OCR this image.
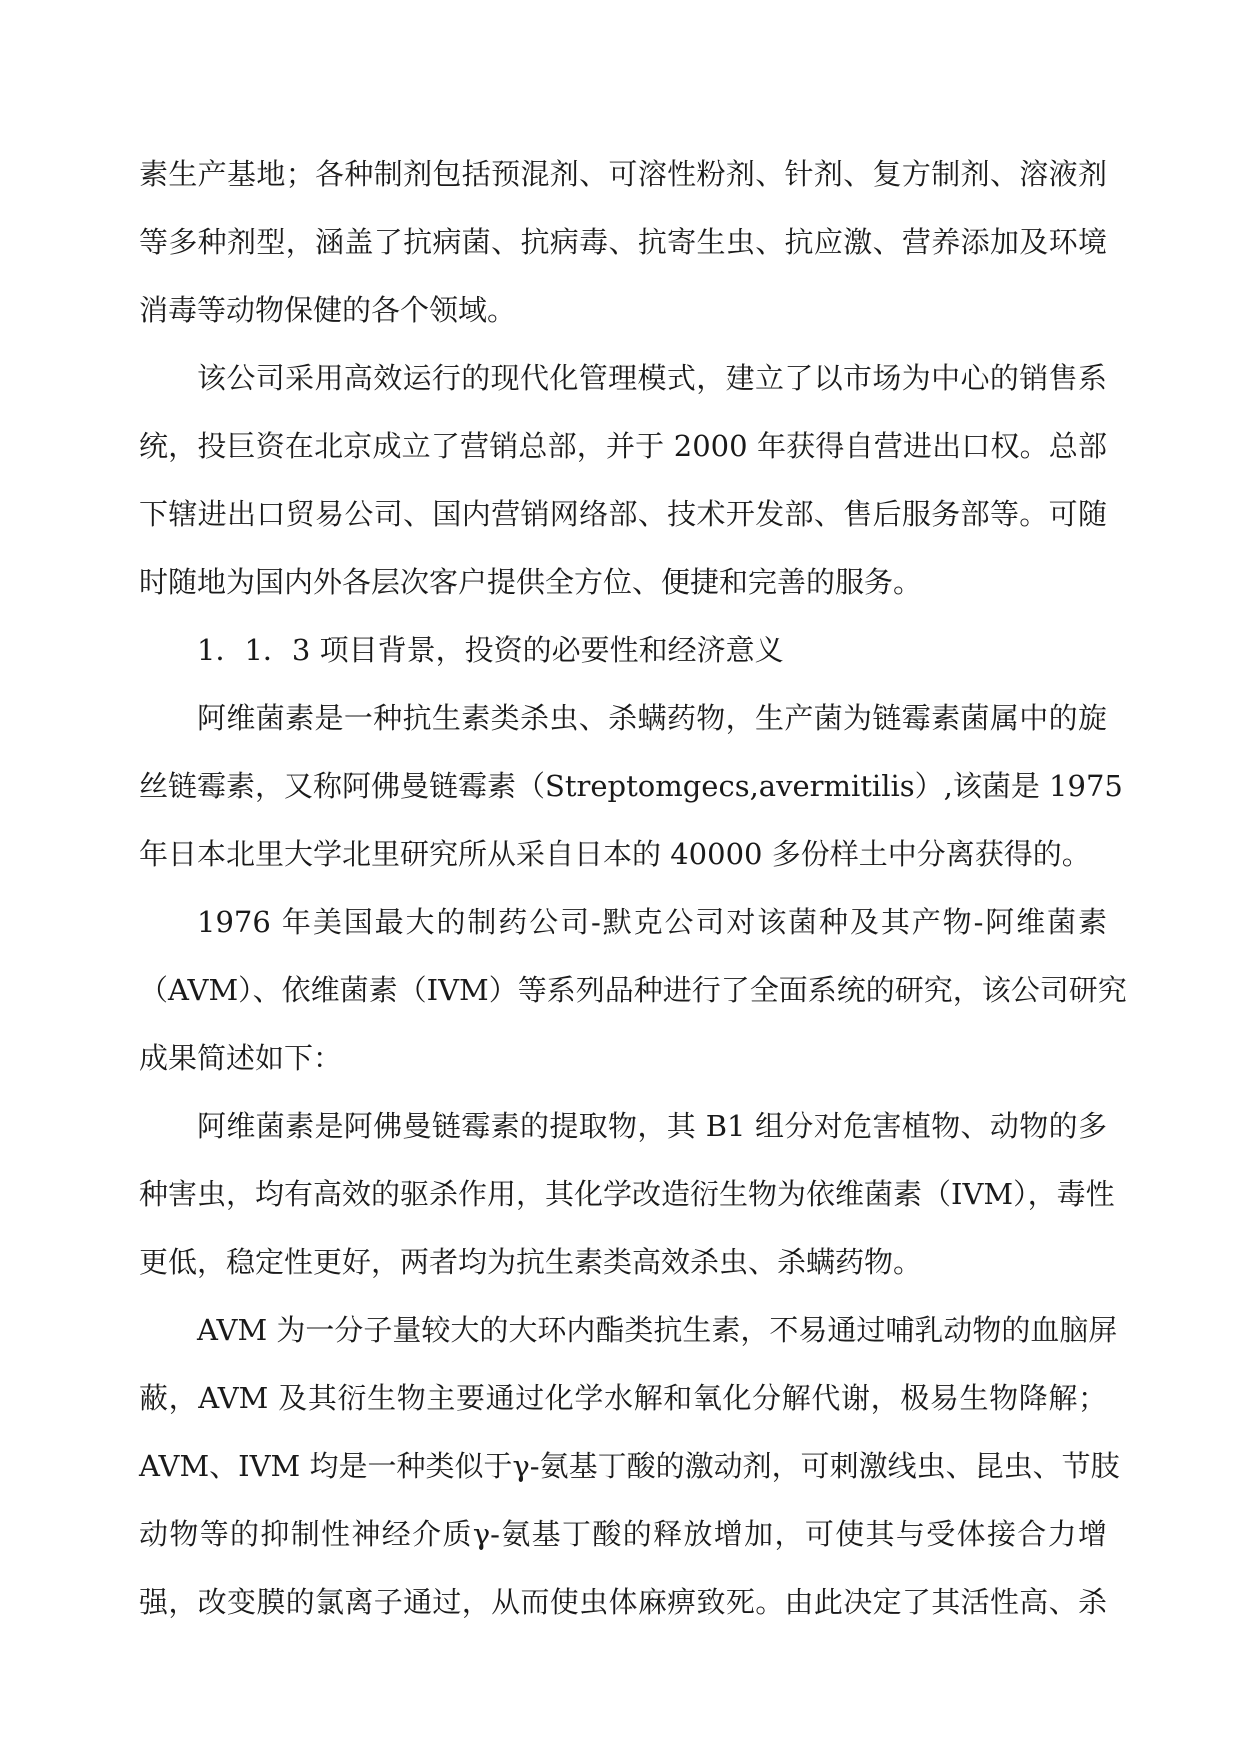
素生产基地；各种制剂包括预混剂、可溶性粉剂、针剂、复方制剂、溶液剂
等多种剂型，涵盖了抗病菌、抗病毒、抗寄生虫、抗应激、营养添加及环境
消毒等动物保健的各个领域。
该公司采用高效运行的现代化管理模式，建立了以市场为中心的销售系
统，投巨资在北京成立了营销总部，并于 2000 年获得自营进出口权。总部
下辖进出口贸易公司、国内营销网络部、技术开发部、售后服务部等。可随
时随地为国内外各层次客户提供全方位、便捷和完善的服务。
1．1．3 项目背景，投资的必要性和经济意义
阿维菌素是一种抗生素类杀虫、杀螨药物，生产菌为链霉素菌属中的旋
丝链霉素，又称阿佛曼链霉素（Streptomgecs,avermitilis）,该菌是 1975
年日本北里大学北里研究所从采自日本的 40000 多份样土中分离获得的。
1976 年美国最大的制药公司-默克公司对该菌种及其产物-阿维菌素
（AVM）、依维菌素（IVM）等系列品种进行了全面系统的研究，该公司研究
成果简述如下：
阿维菌素是阿佛曼链霉素的提取物，其 B1 组分对危害植物、动物的多
种害虫，均有高效的驱杀作用，其化学改造衍生物为依维菌素（IVM），毒性
更低，稳定性更好，两者均为抗生素类高效杀虫、杀螨药物。
AVM 为一分子量较大的大环内酯类抗生素，不易通过哺乳动物的血脑屏
蔽，AVM 及其衍生物主要通过化学水解和氧化分解代谢，极易生物降解；
AVM、IVM 均是一种类似于γ-氨基丁酸的激动剂，可刺激线虫、昆虫、节肢
动物等的抑制性神经介质γ-氨基丁酸的释放增加，可使其与受体接合力增
强，改变膜的氯离子通过，从而使虫体麻痹致死。由此决定了其活性高、杀
